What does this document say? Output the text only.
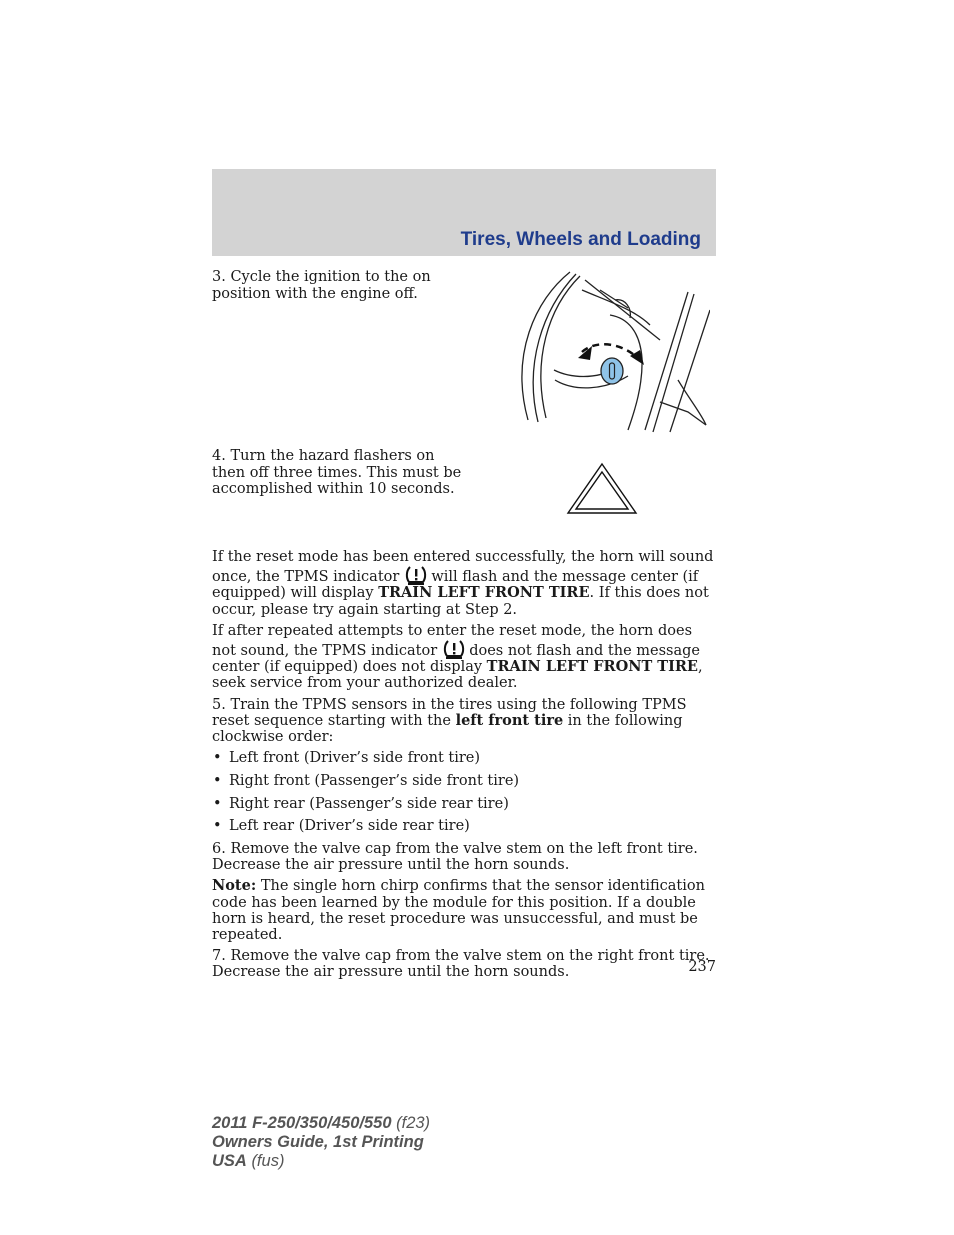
Tires, Wheels and Loading
3. Cycle the ignition to the on position with the engine off.
4. Turn the hazard flashers on then off three times. This must be accomplished within 10 seconds.

If the reset mode has been entered successfully, the horn will sound once, the TPMS indicator will flash and the message center (if equipped) will display TRAIN LEFT FRONT TIRE. If this does not occur, please try again starting at Step 2.

If after repeated attempts to enter the reset mode, the horn does not sound, the TPMS indicator does not flash and the message center (if equipped) does not display TRAIN LEFT FRONT TIRE, seek service from your authorized dealer.

5. Train the TPMS sensors in the tires using the following TPMS reset sequence starting with the left front tire in the following clockwise order:

• Left front (Driver’s side front tire)
• Right front (Passenger’s side front tire)
• Right rear (Passenger’s side rear tire)
• Left rear (Driver’s side rear tire)

6. Remove the valve cap from the valve stem on the left front tire. Decrease the air pressure until the horn sounds.

Note: The single horn chirp confirms that the sensor identification code has been learned by the module for this position. If a double horn is heard, the reset procedure was unsuccessful, and must be repeated.

7. Remove the valve cap from the valve stem on the right front tire. Decrease the air pressure until the horn sounds.	237
2011 F-250/350/450/550 (f23)
Owners Guide, 1st Printing
USA (fus)
